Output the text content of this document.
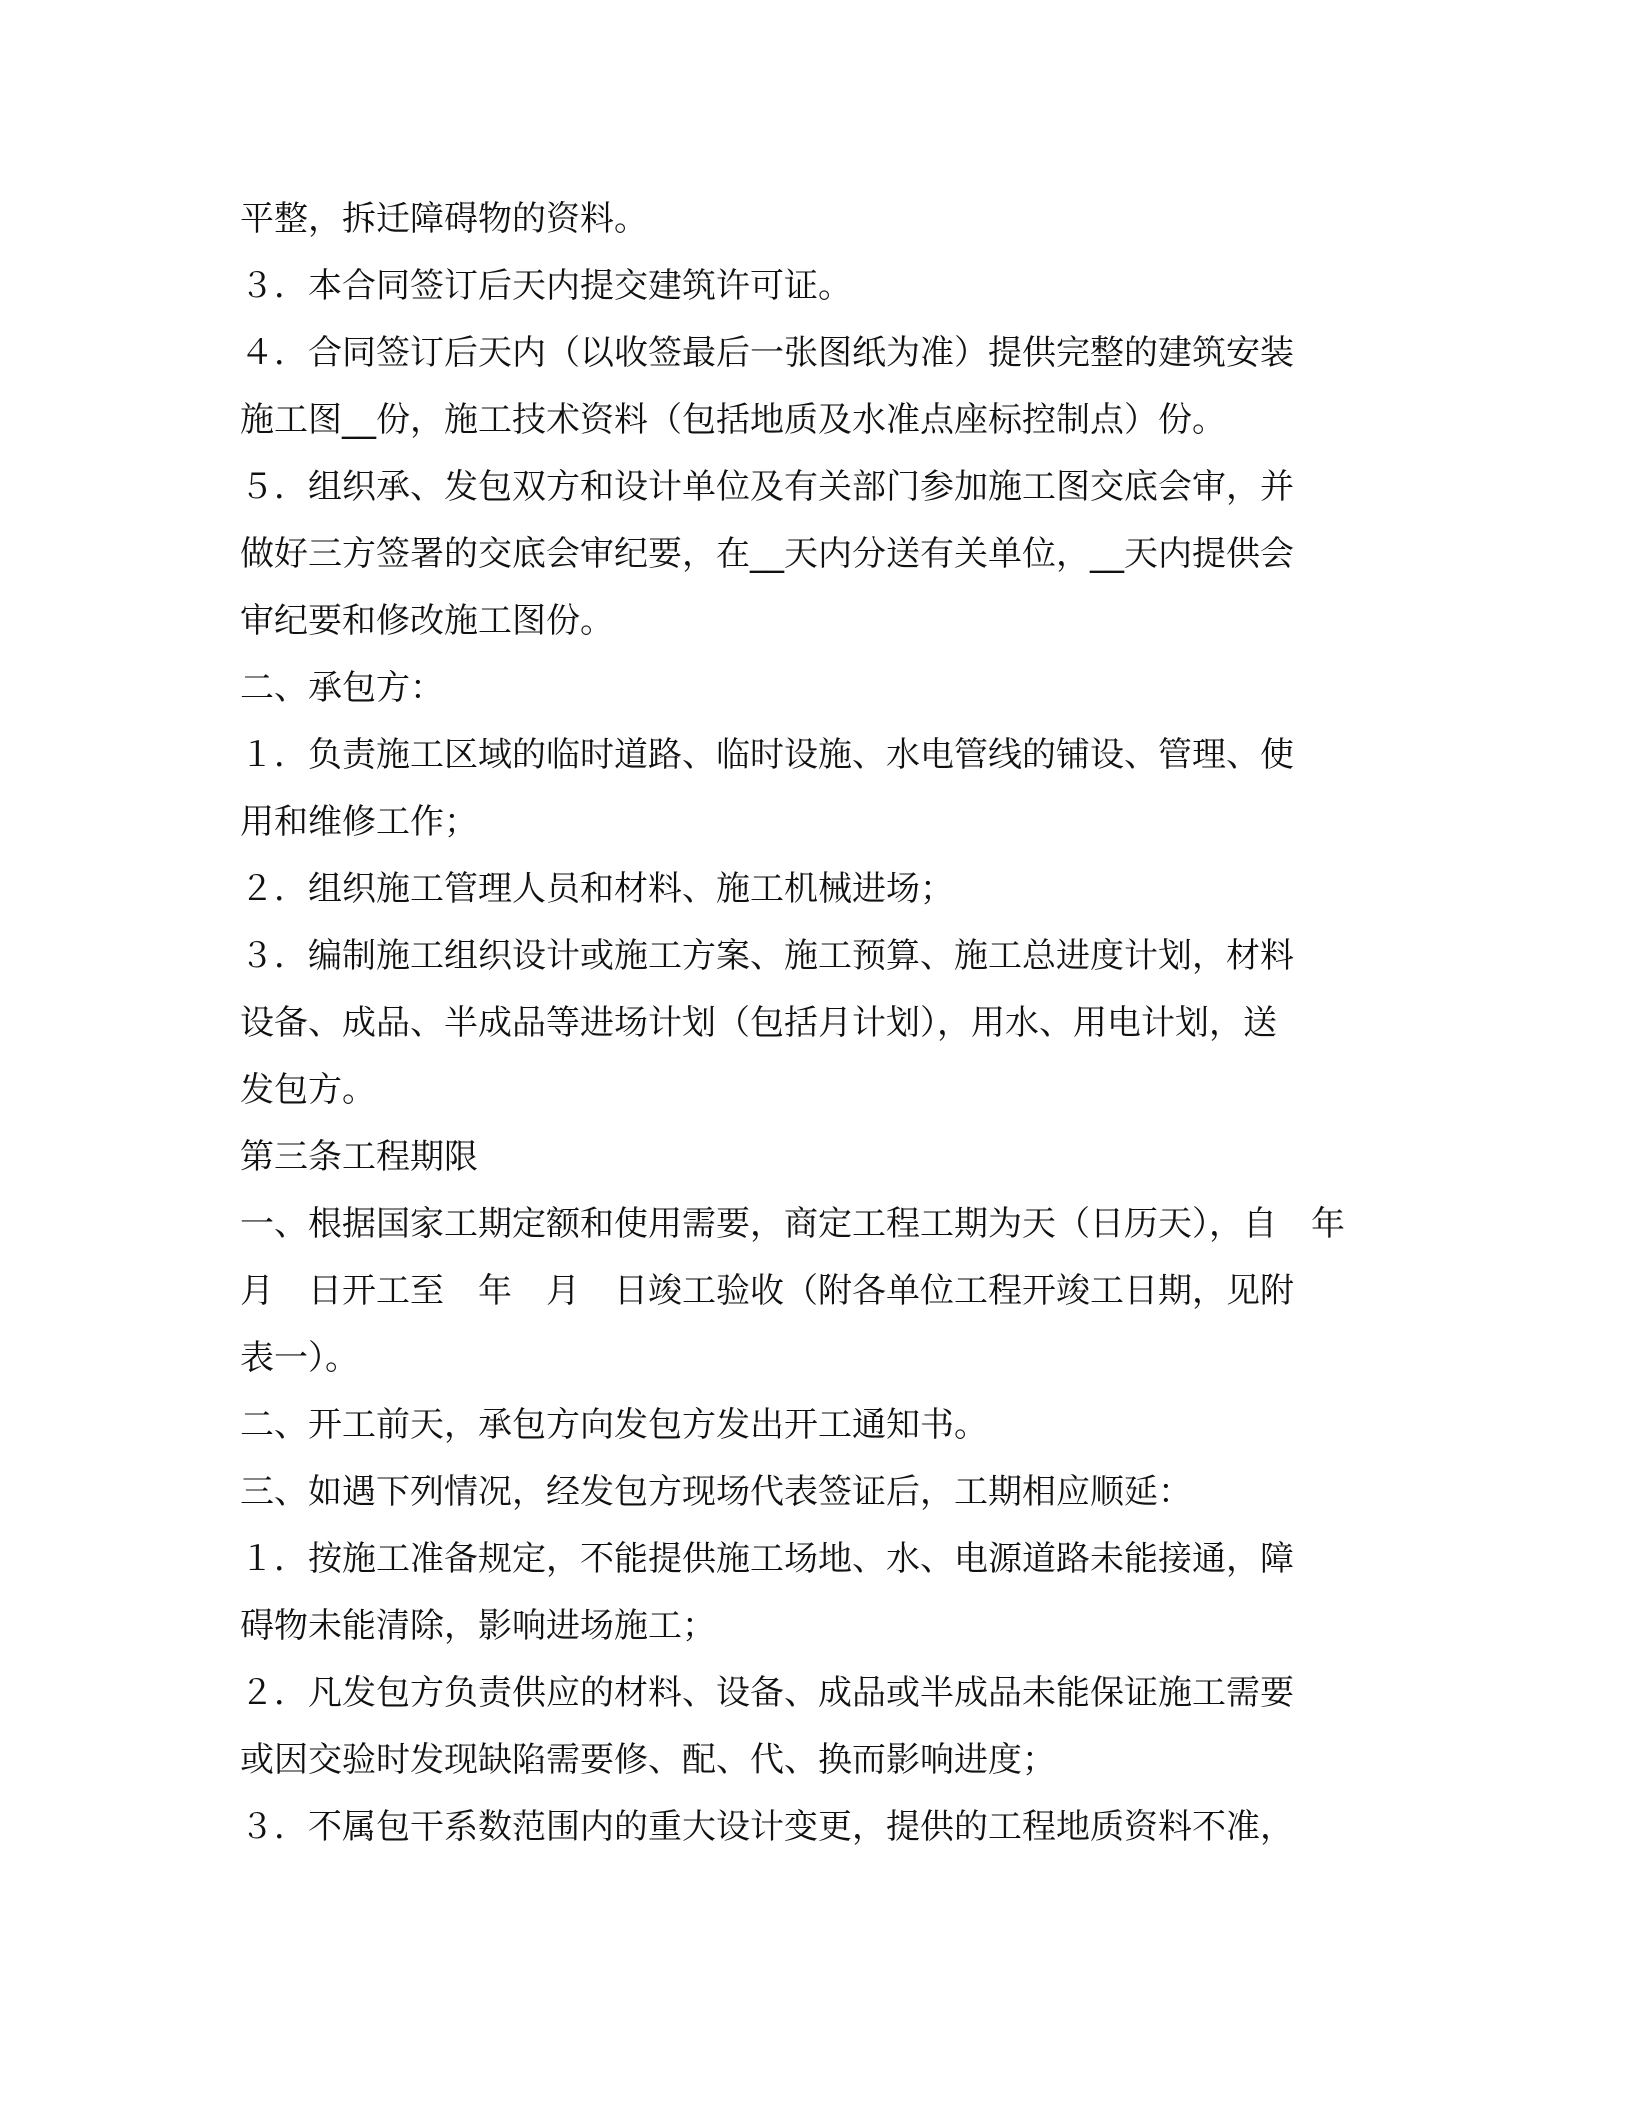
平整，拆迁障碍物的资料。
３．本合同签订后天内提交建筑许可证。
４．合同签订后天内（以收签最后一张图纸为准）提供完整的建筑安装
施工图__份，施工技术资料（包括地质及水准点座标控制点）份。
５．组织承、发包双方和设计单位及有关部门参加施工图交底会审，并
做好三方签署的交底会审纪要，在__天内分送有关单位，__天内提供会
审纪要和修改施工图份。
二、承包方：
１．负责施工区域的临时道路、临时设施、水电管线的铺设、管理、使
用和维修工作；
２．组织施工管理人员和材料、施工机械进场；
３．编制施工组织设计或施工方案、施工预算、施工总进度计划，材料
设备、成品、半成品等进场计划（包括月计划），用水、用电计划，送
发包方。
第三条工程期限
一、根据国家工期定额和使用需要，商定工程工期为天（日历天），自　年
月　日开工至　年　月　日竣工验收（附各单位工程开竣工日期，见附
表一）。
二、开工前天，承包方向发包方发出开工通知书。
三、如遇下列情况，经发包方现场代表签证后，工期相应顺延：
１．按施工准备规定，不能提供施工场地、水、电源道路未能接通，障
碍物未能清除，影响进场施工；
２．凡发包方负责供应的材料、设备、成品或半成品未能保证施工需要
或因交验时发现缺陷需要修、配、代、换而影响进度；
３．不属包干系数范围内的重大设计变更，提供的工程地质资料不准，
